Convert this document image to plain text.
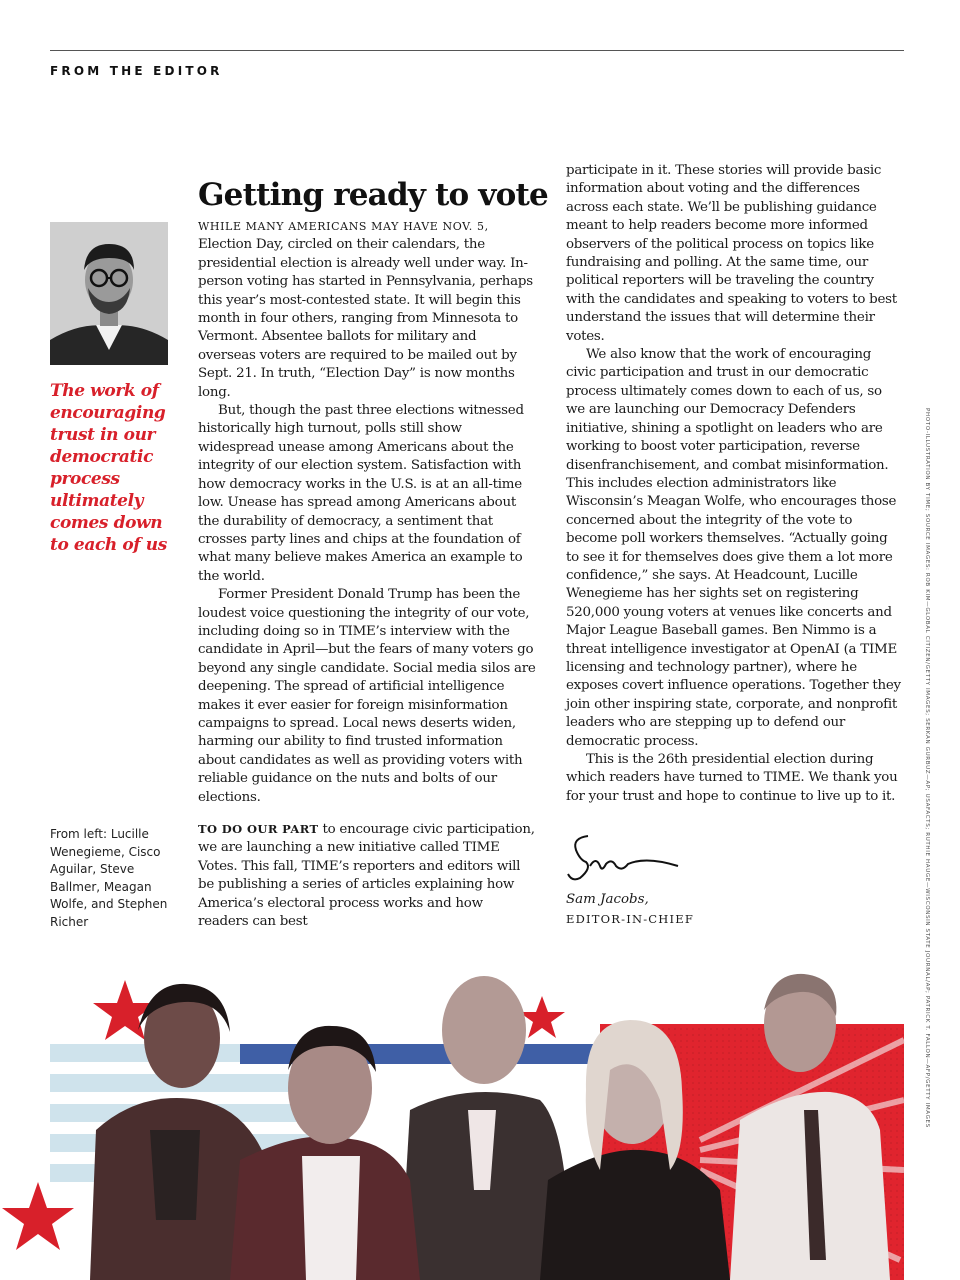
FROM THE EDITOR
Getting ready to vote
The work of encouraging trust in our democratic process ultimately comes down to each of us
From left: Lucille Wenegieme, Cisco Aguilar, Steve Ballmer, Meagan Wolfe, and Stephen Richer

WHILE MANY AMERICANS MAY HAVE NOV. 5, Election Day, circled on their calendars, the presidential election is already well under way. In-person voting has started in Pennsylvania, perhaps this year’s most-contested state. It will begin this month in four others, ranging from Minnesota to Vermont. Absentee ballots for military and overseas voters are required to be mailed out by Sept. 21. In truth, “Election Day” is now months long.

But, though the past three elections witnessed historically high turnout, polls still show widespread unease among Americans about the integrity of our election system. Satisfaction with how democracy works in the U.S. is at an all-time low. Unease has spread among Americans about the durability of democracy, a sentiment that crosses party lines and chips at the foundation of what many believe makes America an example to the world.

Former President Donald Trump has been the loudest voice questioning the integrity of our vote, including doing so in TIME’s interview with the candidate in April—but the fears of many voters go beyond any single candidate. Social media silos are deepening. The spread of artificial intelligence makes it ever easier for foreign misinformation campaigns to spread. Local news deserts widen, harming our ability to find trusted information about candidates as well as providing voters with reliable guidance on the nuts and bolts of our elections.

TO DO OUR PART to encourage civic participation, we are launching a new initiative called TIME Votes. This fall, TIME’s reporters and editors will be publishing a series of articles explaining how America’s electoral process works and how readers can best

participate in it. These stories will provide basic information about voting and the differences across each state. We’ll be publishing guidance meant to help readers become more informed observers of the political process on topics like fundraising and polling. At the same time, our political reporters will be traveling the country with the candidates and speaking to voters to best understand the issues that will determine their votes.

We also know that the work of encouraging civic participation and trust in our democratic process ultimately comes down to each of us, so we are launching our Democracy Defenders initiative, shining a spotlight on leaders who are working to boost voter participation, reverse disenfranchisement, and combat misinformation. This includes election administrators like Wisconsin’s Meagan Wolfe, who encourages those concerned about the integrity of the vote to become poll workers themselves. “Actually going to see it for themselves does give them a lot more confidence,” she says. At Headcount, Lucille Wenegieme has her sights set on registering 520,000 young voters at venues like concerts and Major League Baseball games. Ben Nimmo is a threat intelligence investigator at OpenAI (a TIME licensing and technology partner), where he exposes covert influence operations. Together they join other inspiring state, corporate, and nonprofit leaders who are stepping up to defend our democratic process.

This is the 26th presidential election during which readers have turned to TIME. We thank you for your trust and hope to continue to live up to it.

Sam Jacobs,
EDITOR-IN-CHIEF	PHOTO-ILLUSTRATION BY TIME; SOURCE IMAGES: ROB KIM—GLOBAL CITIZEN/GETTY IMAGES; SERKAN GURBUZ—AP; USAFACTS; RUTHIE HAUGE—WISCONSIN STATE JOURNAL/AP; PATRICK T. FALLON—AFP/GETTY IMAGES
